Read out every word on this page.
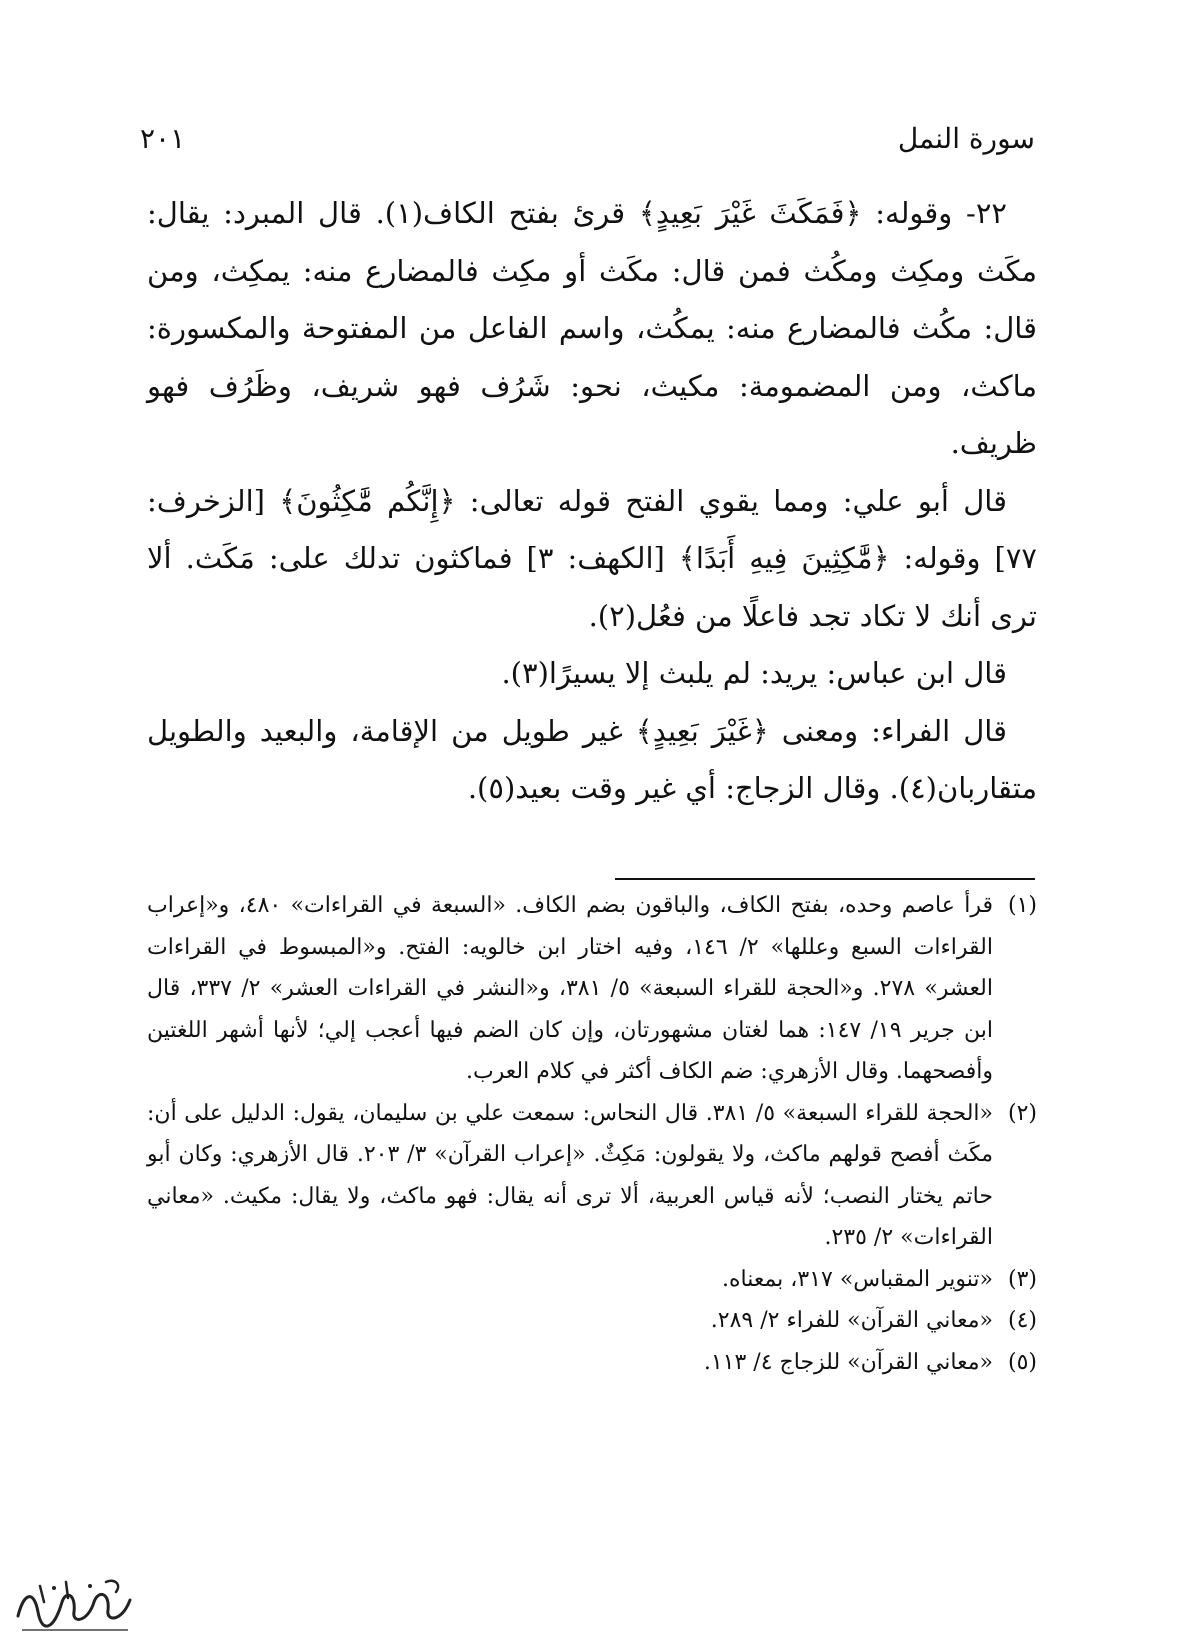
سورة النمل
٢٠١

٢٢- وقوله: ﴿فَمَكَثَ غَيْرَ بَعِيدٍ﴾ قرئ بفتح الكاف(١). قال المبرد: يقال: مكَث ومكِث ومكُث فمن قال: مكَث أو مكِث فالمضارع منه: يمكِث، ومن قال: مكُث فالمضارع منه: يمكُث، واسم الفاعل من المفتوحة والمكسورة: ماكث، ومن المضمومة: مكيث، نحو: شَرُف فهو شريف، وظَرُف فهو ظريف.

قال أبو علي: ومما يقوي الفتح قوله تعالى: ﴿إِنَّكُم مَّٰكِثُونَ﴾ [الزخرف: ٧٧] وقوله: ﴿مَّٰكِثِينَ فِيهِ أَبَدًا﴾ [الكهف: ٣] فماكثون تدلك على: مَكَث. ألا ترى أنك لا تكاد تجد فاعلًا من فعُل(٢).

قال ابن عباس: يريد: لم يلبث إلا يسيرًا(٣).

قال الفراء: ومعنى ﴿غَيْرَ بَعِيدٍ﴾ غير طويل من الإقامة، والبعيد والطويل متقاربان(٤). وقال الزجاج: أي غير وقت بعيد(٥).

(١)
قرأ عاصم وحده، بفتح الكاف، والباقون بضم الكاف. «السبعة في القراءات» ٤٨٠، و«إعراب القراءات السبع وعللها» ٢/ ١٤٦، وفيه اختار ابن خالويه: الفتح. و«المبسوط في القراءات العشر» ٢٧٨. و«الحجة للقراء السبعة» ٥/ ٣٨١، و«النشر في القراءات العشر» ٢/ ٣٣٧، قال ابن جرير ١٩/ ١٤٧: هما لغتان مشهورتان، وإن كان الضم فيها أعجب إلي؛ لأنها أشهر اللغتين وأفصحهما. وقال الأزهري: ضم الكاف أكثر في كلام العرب.
(٢)
«الحجة للقراء السبعة» ٥/ ٣٨١. قال النحاس: سمعت علي بن سليمان، يقول: الدليل على أن: مكَث أفصح قولهم ماكث، ولا يقولون: مَكِثٌ. «إعراب القرآن» ٣/ ٢٠٣. قال الأزهري: وكان أبو حاتم يختار النصب؛ لأنه قياس العربية، ألا ترى أنه يقال: فهو ماكث، ولا يقال: مكيث. «معاني القراءات» ٢/ ٢٣٥.
(٣)
«تنوير المقباس» ٣١٧، بمعناه.
(٤)
«معاني القرآن» للفراء ٢/ ٢٨٩.
(٥)
«معاني القرآن» للزجاج ٤/ ١١٣.
